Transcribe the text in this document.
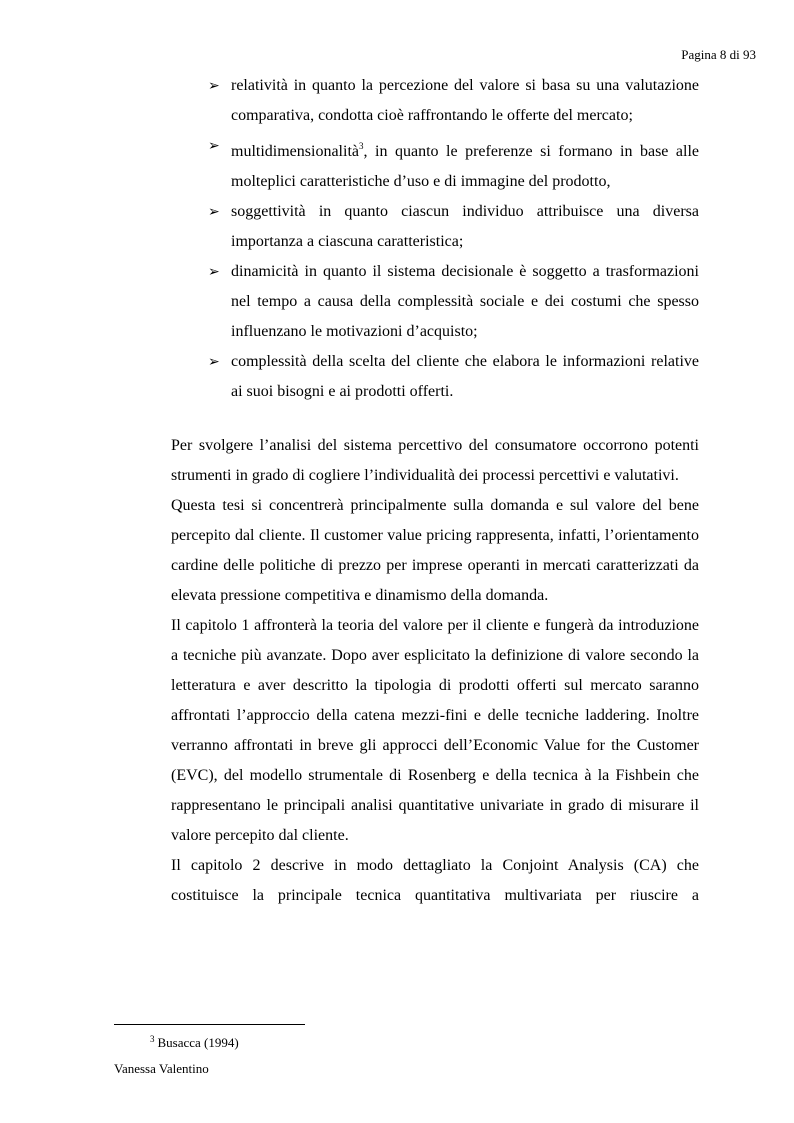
Pagina 8 di 93
➢ relatività in quanto la percezione del valore si basa su una valutazione comparativa, condotta cioè raffrontando le offerte del mercato;
➢ multidimensionalità$^3$, in quanto le preferenze si formano in base alle molteplici caratteristiche d’uso e di immagine del prodotto,
➢ soggettività in quanto ciascun individuo attribuisce una diversa importanza a ciascuna caratteristica;
➢ dinamicità in quanto il sistema decisionale è soggetto a trasformazioni nel tempo a causa della complessità sociale e dei costumi che spesso influenzano le motivazioni d’acquisto;
➢ complessità della scelta del cliente che elabora le informazioni relative ai suoi bisogni e ai prodotti offerti.

Per svolgere l’analisi del sistema percettivo del consumatore occorrono potenti strumenti in grado di cogliere l’individualità dei processi percettivi e valutativi.

Questa tesi si concentrerà principalmente sulla domanda e sul valore del bene percepito dal cliente. Il customer value pricing rappresenta, infatti, l’orientamento cardine delle politiche di prezzo per imprese operanti in mercati caratterizzati da elevata pressione competitiva e dinamismo della domanda.

Il capitolo 1 affronterà la teoria del valore per il cliente e fungerà da introduzione a tecniche più avanzate. Dopo aver esplicitato la definizione di valore secondo la letteratura e aver descritto la tipologia di prodotti offerti sul mercato saranno affrontati l’approccio della catena mezzi-fini e delle tecniche laddering. Inoltre verranno affrontati in breve gli approcci dell’Economic Value for the Customer (EVC), del modello strumentale di Rosenberg e della tecnica à la Fishbein che rappresentano le principali analisi quantitative univariate in grado di misurare il valore percepito dal cliente.

Il capitolo 2 descrive in modo dettagliato la Conjoint Analysis (CA) che costituisce la principale tecnica quantitativa multivariata per riuscire a

$^3$ Busacca (1994)
Vanessa Valentino
